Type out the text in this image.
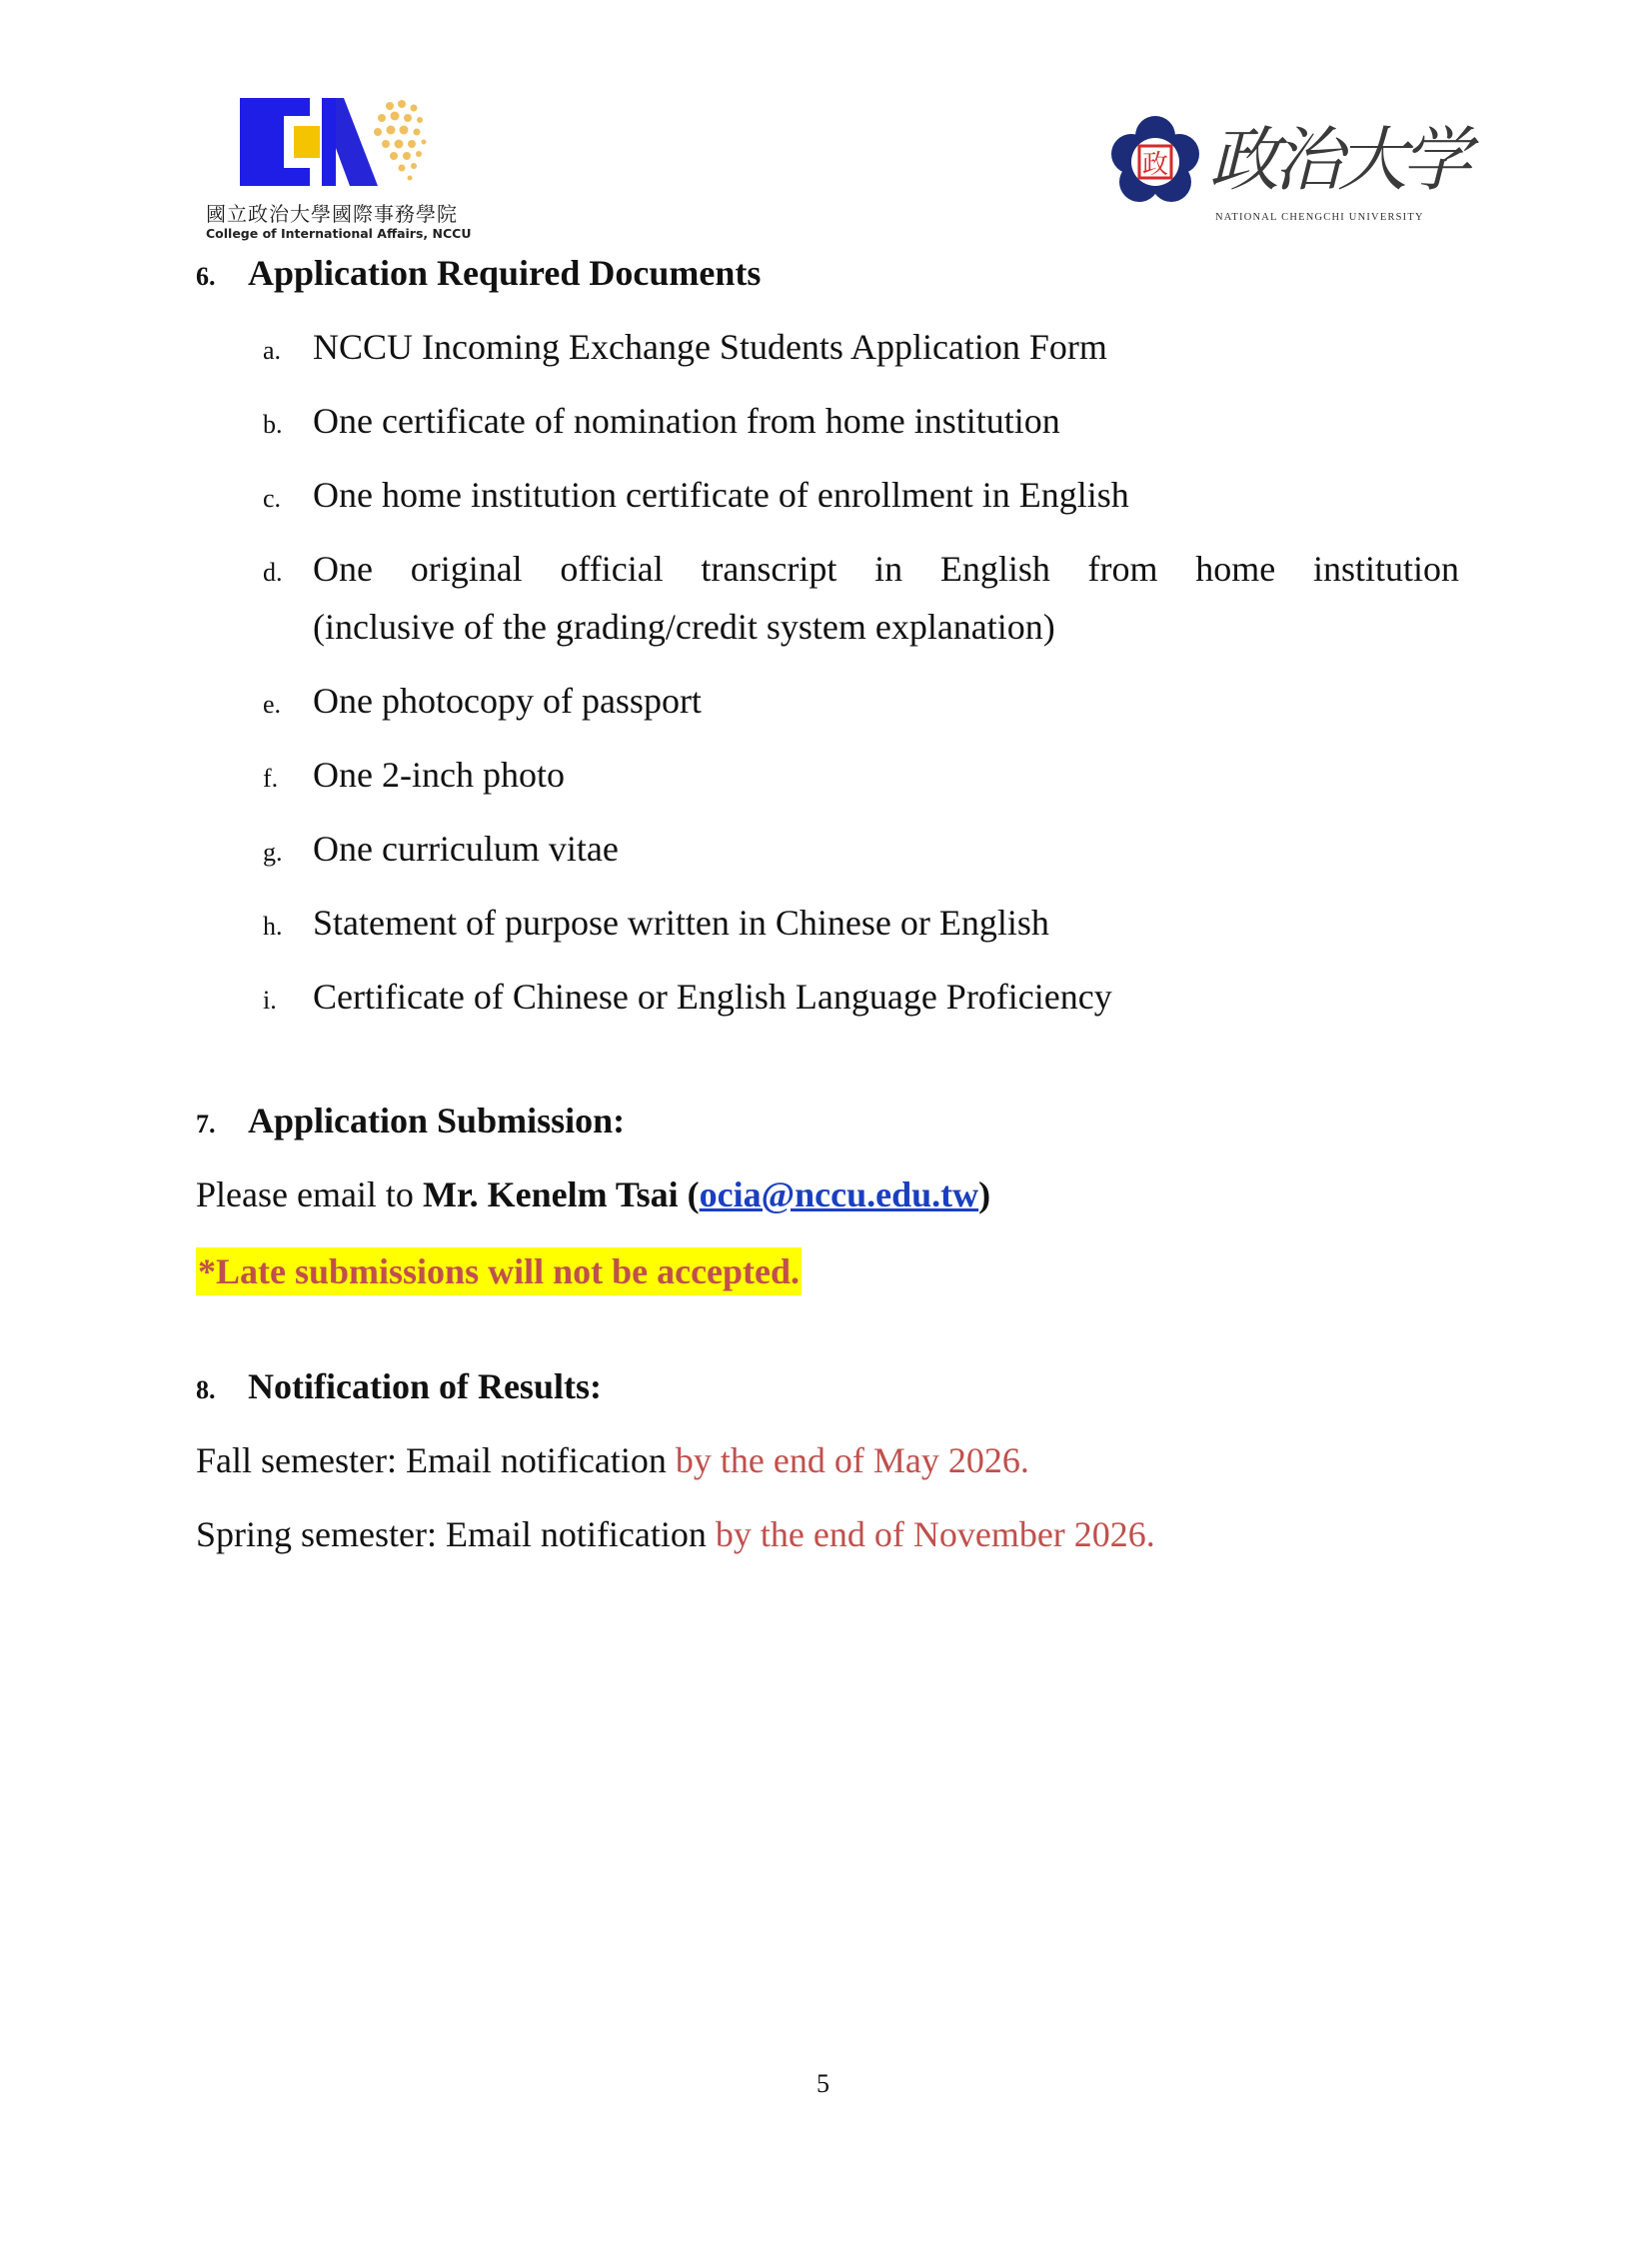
國立政治大學國際事務學院
College of International Affairs, NCCU
政 政治大学
NATIONAL CHENGCHI UNIVERSITY
6. Application Required Documents
a. NCCU Incoming Exchange Students Application Form
b. One certificate of nomination from home institution
c. One home institution certificate of enrollment in English
d. One original official transcript in English from home institution
(inclusive of the grading/credit system explanation)
e. One photocopy of passport
f. One 2-inch photo
g. One curriculum vitae
h. Statement of purpose written in Chinese or English
i. Certificate of Chinese or English Language Proficiency
7. Application Submission:
Please email to Mr. Kenelm Tsai (ocia@nccu.edu.tw)
*Late submissions will not be accepted.
8. Notification of Results:
Fall semester: Email notification by the end of May 2026.
Spring semester: Email notification by the end of November 2026.
5
